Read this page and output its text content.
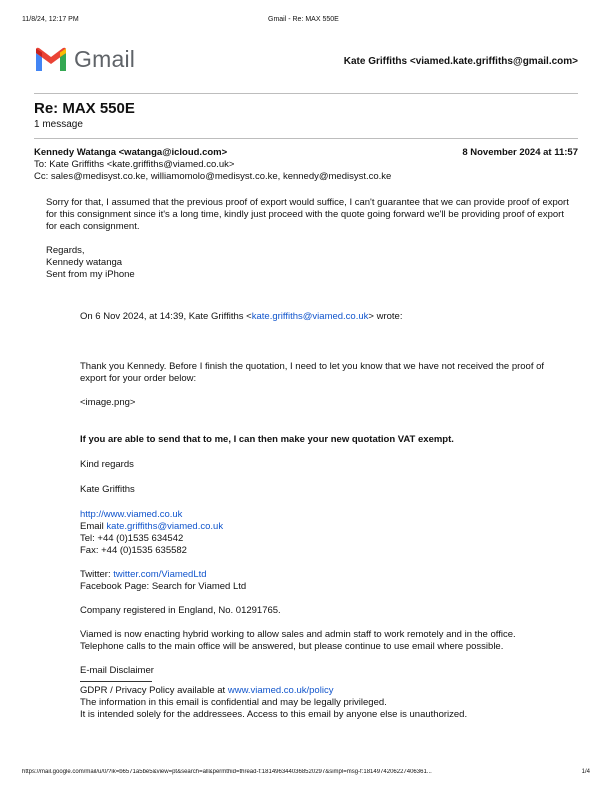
11/8/24, 12:17 PM	Gmail - Re: MAX 550E
Gmail	Kate Griffiths <viamed.kate.griffiths@gmail.com>
Re: MAX 550E
1 message
Kennedy Watanga <watanga@icloud.com>	8 November 2024 at 11:57
To: Kate Griffiths <kate.griffiths@viamed.co.uk>
Cc: sales@medisyst.co.ke, williamomolo@medisyst.co.ke, kennedy@medisyst.co.ke
Sorry for that, I assumed that the previous proof of export would suffice, I can't guarantee that we can provide proof of export for this consignment since it's a long time, kindly just proceed with the quote going forward we'll be providing proof of export for each consignment.
Regards,
Kennedy watanga
Sent from my iPhone
On 6 Nov 2024, at 14:39, Kate Griffiths <kate.griffiths@viamed.co.uk> wrote:
Thank you Kennedy. Before I finish the quotation, I need to let you know that we have not received the proof of export for your order below:
<image.png>
If you are able to send that to me, I can then make your new quotation VAT exempt.
Kind regards
Kate Griffiths
http://www.viamed.co.uk
Email kate.griffiths@viamed.co.uk
Tel: +44 (0)1535 634542
Fax: +44 (0)1535 635582
Twitter: twitter.com/ViamedLtd
Facebook Page: Search for Viamed Ltd
Company registered in England, No. 01291765.
Viamed is now enacting hybrid working to allow sales and admin staff to work remotely and in the office. Telephone calls to the main office will be answered, but please continue to use email where possible.
E-mail Disclaimer
GDPR / Privacy Policy available at www.viamed.co.uk/policy
The information in this email is confidential and may be legally privileged.
It is intended solely for the addressees. Access to this email by anyone else is unauthorized.
https://mail.google.com/mail/u/0/?ik=b6571a5be5&view=pt&search=all&permthid=thread-f:1814963440368520297&simpl=msg-f:1814974206227406361...	1/4
